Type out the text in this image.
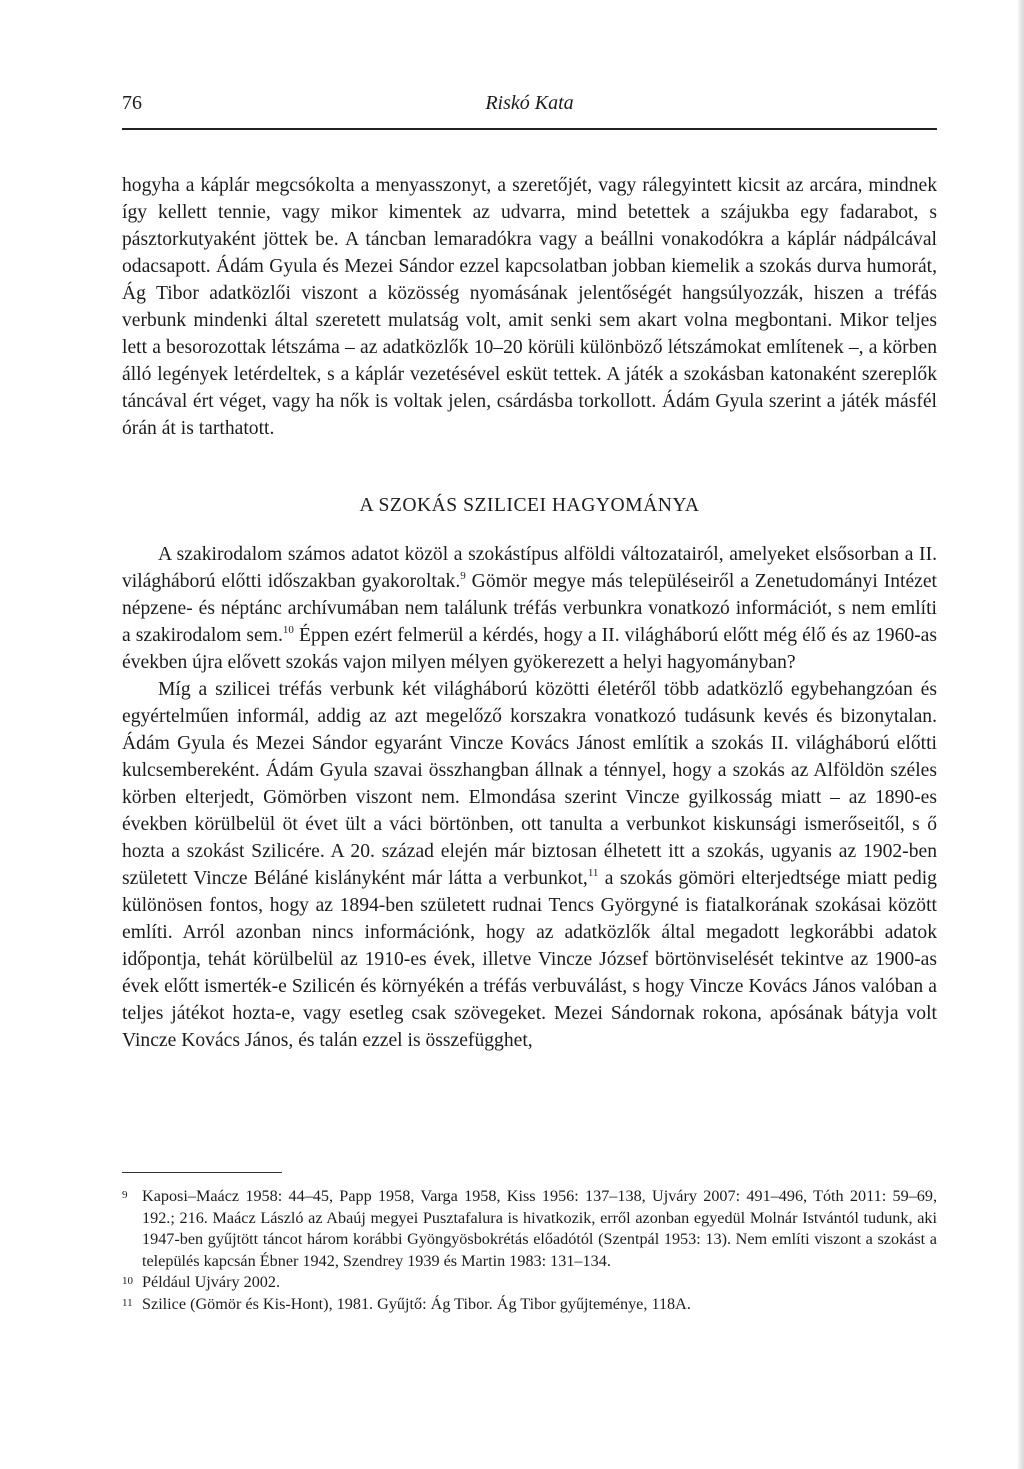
76	Riskó Kata

hogyha a káplár megcsókolta a menyasszonyt, a szeretőjét, vagy rálegyintett kicsit az arcára, mindnek így kellett tennie, vagy mikor kimentek az udvarra, mind betettek a szájukba egy fadarabot, s pásztorkutyaként jöttek be. A táncban lemaradókra vagy a beállni vonakodókra a káplár nádpálcával odacsapott. Ádám Gyula és Mezei Sándor ezzel kapcsolatban jobban kiemelik a szokás durva humorát, Ág Tibor adatközlői viszont a közösség nyomásának jelentőségét hangsúlyozzák, hiszen a tréfás verbunk mindenki által szeretett mulatság volt, amit senki sem akart volna megbontani. Mikor teljes lett a besorozottak létszáma – az adatközlők 10–20 körüli különböző létszámokat említenek –, a körben álló legények letérdeltek, s a káplár vezetésével esküt tettek. A játék a szokásban katonaként szereplők táncával ért véget, vagy ha nők is voltak jelen, csárdásba torkollott. Ádám Gyula szerint a játék másfél órán át is tarthatott.

A SZOKÁS SZILICEI HAGYOMÁNYA

A szakirodalom számos adatot közöl a szokástípus alföldi változatairól, amelyeket elsősorban a II. világháború előtti időszakban gyakoroltak.$^9$ Gömör megye más településeiről a Zenetudományi Intézet népzene- és néptánc archívumában nem találunk tréfás verbunkra vonatkozó információt, s nem említi a szakirodalom sem.$^{10}$ Éppen ezért felmerül a kérdés, hogy a II. világháború előtt még élő és az 1960-as években újra elővett szokás vajon milyen mélyen gyökerezett a helyi hagyományban?

Míg a szilicei tréfás verbunk két világháború közötti életéről több adatközlő egybehangzóan és egyértelműen informál, addig az azt megelőző korszakra vonatkozó tudásunk kevés és bizonytalan. Ádám Gyula és Mezei Sándor egyaránt Vincze Kovács Jánost említik a szokás II. világháború előtti kulcsembereként. Ádám Gyula szavai összhangban állnak a ténnyel, hogy a szokás az Alföldön széles körben elterjedt, Gömörben viszont nem. Elmondása szerint Vincze gyilkosság miatt – az 1890-es években körülbelül öt évet ült a váci börtönben, ott tanulta a verbunkot kiskunsági ismerőseitől, s ő hozta a szokást Szilicére. A 20. század elején már biztosan élhetett itt a szokás, ugyanis az 1902-ben született Vincze Béláné kislányként már látta a verbunkot,$^{11}$ a szokás gömöri elterjedtsége miatt pedig különösen fontos, hogy az 1894-ben született rudnai Tencs Györgyné is fiatalkorának szokásai között említi. Arról azonban nincs információnk, hogy az adatközlők által megadott legkorábbi adatok időpontja, tehát körülbelül az 1910-es évek, illetve Vincze József börtönviselését tekintve az 1900-as évek előtt ismerték-e Szilicén és környékén a tréfás verbuválást, s hogy Vincze Kovács János valóban a teljes játékot hozta-e, vagy esetleg csak szövegeket. Mezei Sándornak rokona, apósának bátyja volt Vincze Kovács János, és talán ezzel is összefügghet,

9 Kaposi–Maácz 1958: 44–45, Papp 1958, Varga 1958, Kiss 1956: 137–138, Ujváry 2007: 491–496, Tóth 2011: 59–69, 192.; 216. Maácz László az Abaúj megyei Pusztafalura is hivatkozik, erről azonban egyedül Molnár Istvántól tudunk, aki 1947-ben gyűjtött táncot három korábbi Gyöngyösbokrétás előadótól (Szentpál 1953: 13). Nem említi viszont a szokást a település kapcsán Ébner 1942, Szendrey 1939 és Martin 1983: 131–134.
10 Például Ujváry 2002.
11 Szilice (Gömör és Kis-Hont), 1981. Gyűjtő: Ág Tibor. Ág Tibor gyűjteménye, 118A.
